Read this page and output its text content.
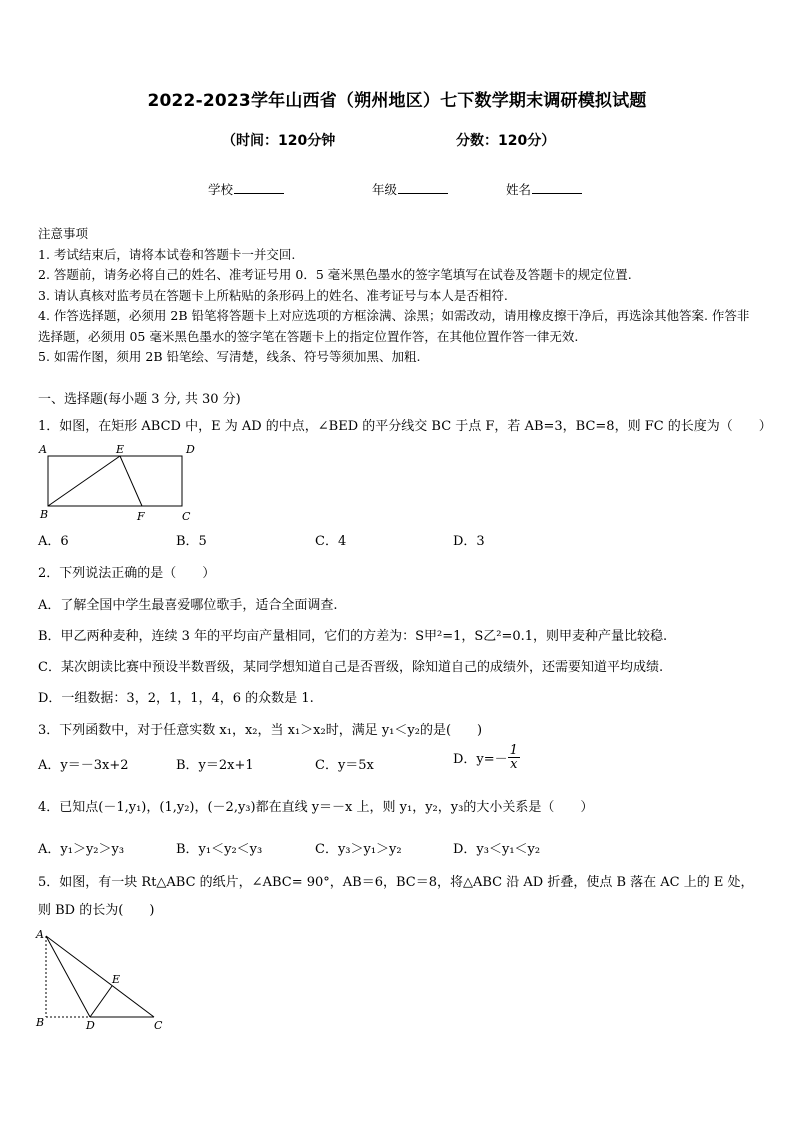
2022-2023学年山西省（朔州地区）七下数学期末调研模拟试题
（时间：120分钟	分数：120分）
学校	年级	姓名
注意事项
1. 考试结束后，请将本试卷和答题卡一并交回.
2. 答题前，请务必将自己的姓名、准考证号用 0．5 毫米黑色墨水的签字笔填写在试卷及答题卡的规定位置.
3. 请认真核对监考员在答题卡上所粘贴的条形码上的姓名、准考证号与本人是否相符.
4. 作答选择题，必须用 2B 铅笔将答题卡上对应选项的方框涂满、涂黑；如需改动，请用橡皮擦干净后，再选涂其他答案. 作答非选择题，必须用 05 毫米黑色墨水的签字笔在答题卡上的指定位置作答，在其他位置作答一律无效.
5. 如需作图，须用 2B 铅笔绘、写清楚，线条、符号等须加黑、加粗.
一、选择题(每小题 3 分, 共 30 分)
1．如图，在矩形 ABCD 中，E 为 AD 的中点，∠BED 的平分线交 BC 于点 F，若 AB=3，BC=8，则 FC 的长度为（　　）
A	E	D
B	F	C
A．6	B．5	C．4	D．3
2．下列说法正确的是（　　）
A．了解全国中学生最喜爱哪位歌手，适合全面调查.
B．甲乙两种麦种，连续 3 年的平均亩产量相同，它们的方差为：S甲²=1，S乙²=0.1，则甲麦种产量比较稳.
C．某次朗读比赛中预设半数晋级，某同学想知道自己是否晋级，除知道自己的成绩外，还需要知道平均成绩.
D．一组数据：3，2，1，1，4，6 的众数是 1.
3．下列函数中，对于任意实数 x₁，x₂，当 x₁＞x₂时，满足 y₁＜y₂的是(　　)
A．y＝－3x+2	B．y＝2x+1	C．y＝5x	D．$y=- \frac{1}{x}$
4．已知点(－1,y₁)，(1,y₂)，(－2,y₃)都在直线 y＝－x 上，则 y₁，y₂，y₃的大小关系是（　　）
A．y₁＞y₂＞y₃	B．y₁＜y₂＜y₃	C．y₃＞y₁＞y₂	D．y₃＜y₁＜y₂
5．如图，有一块 Rt△ABC 的纸片，∠ABC= 90°，AB＝6，BC＝8，将△ABC 沿 AD 折叠，使点 B 落在 AC 上的 E 处，则 BD 的长为(　　)
A
E
B	D	C
